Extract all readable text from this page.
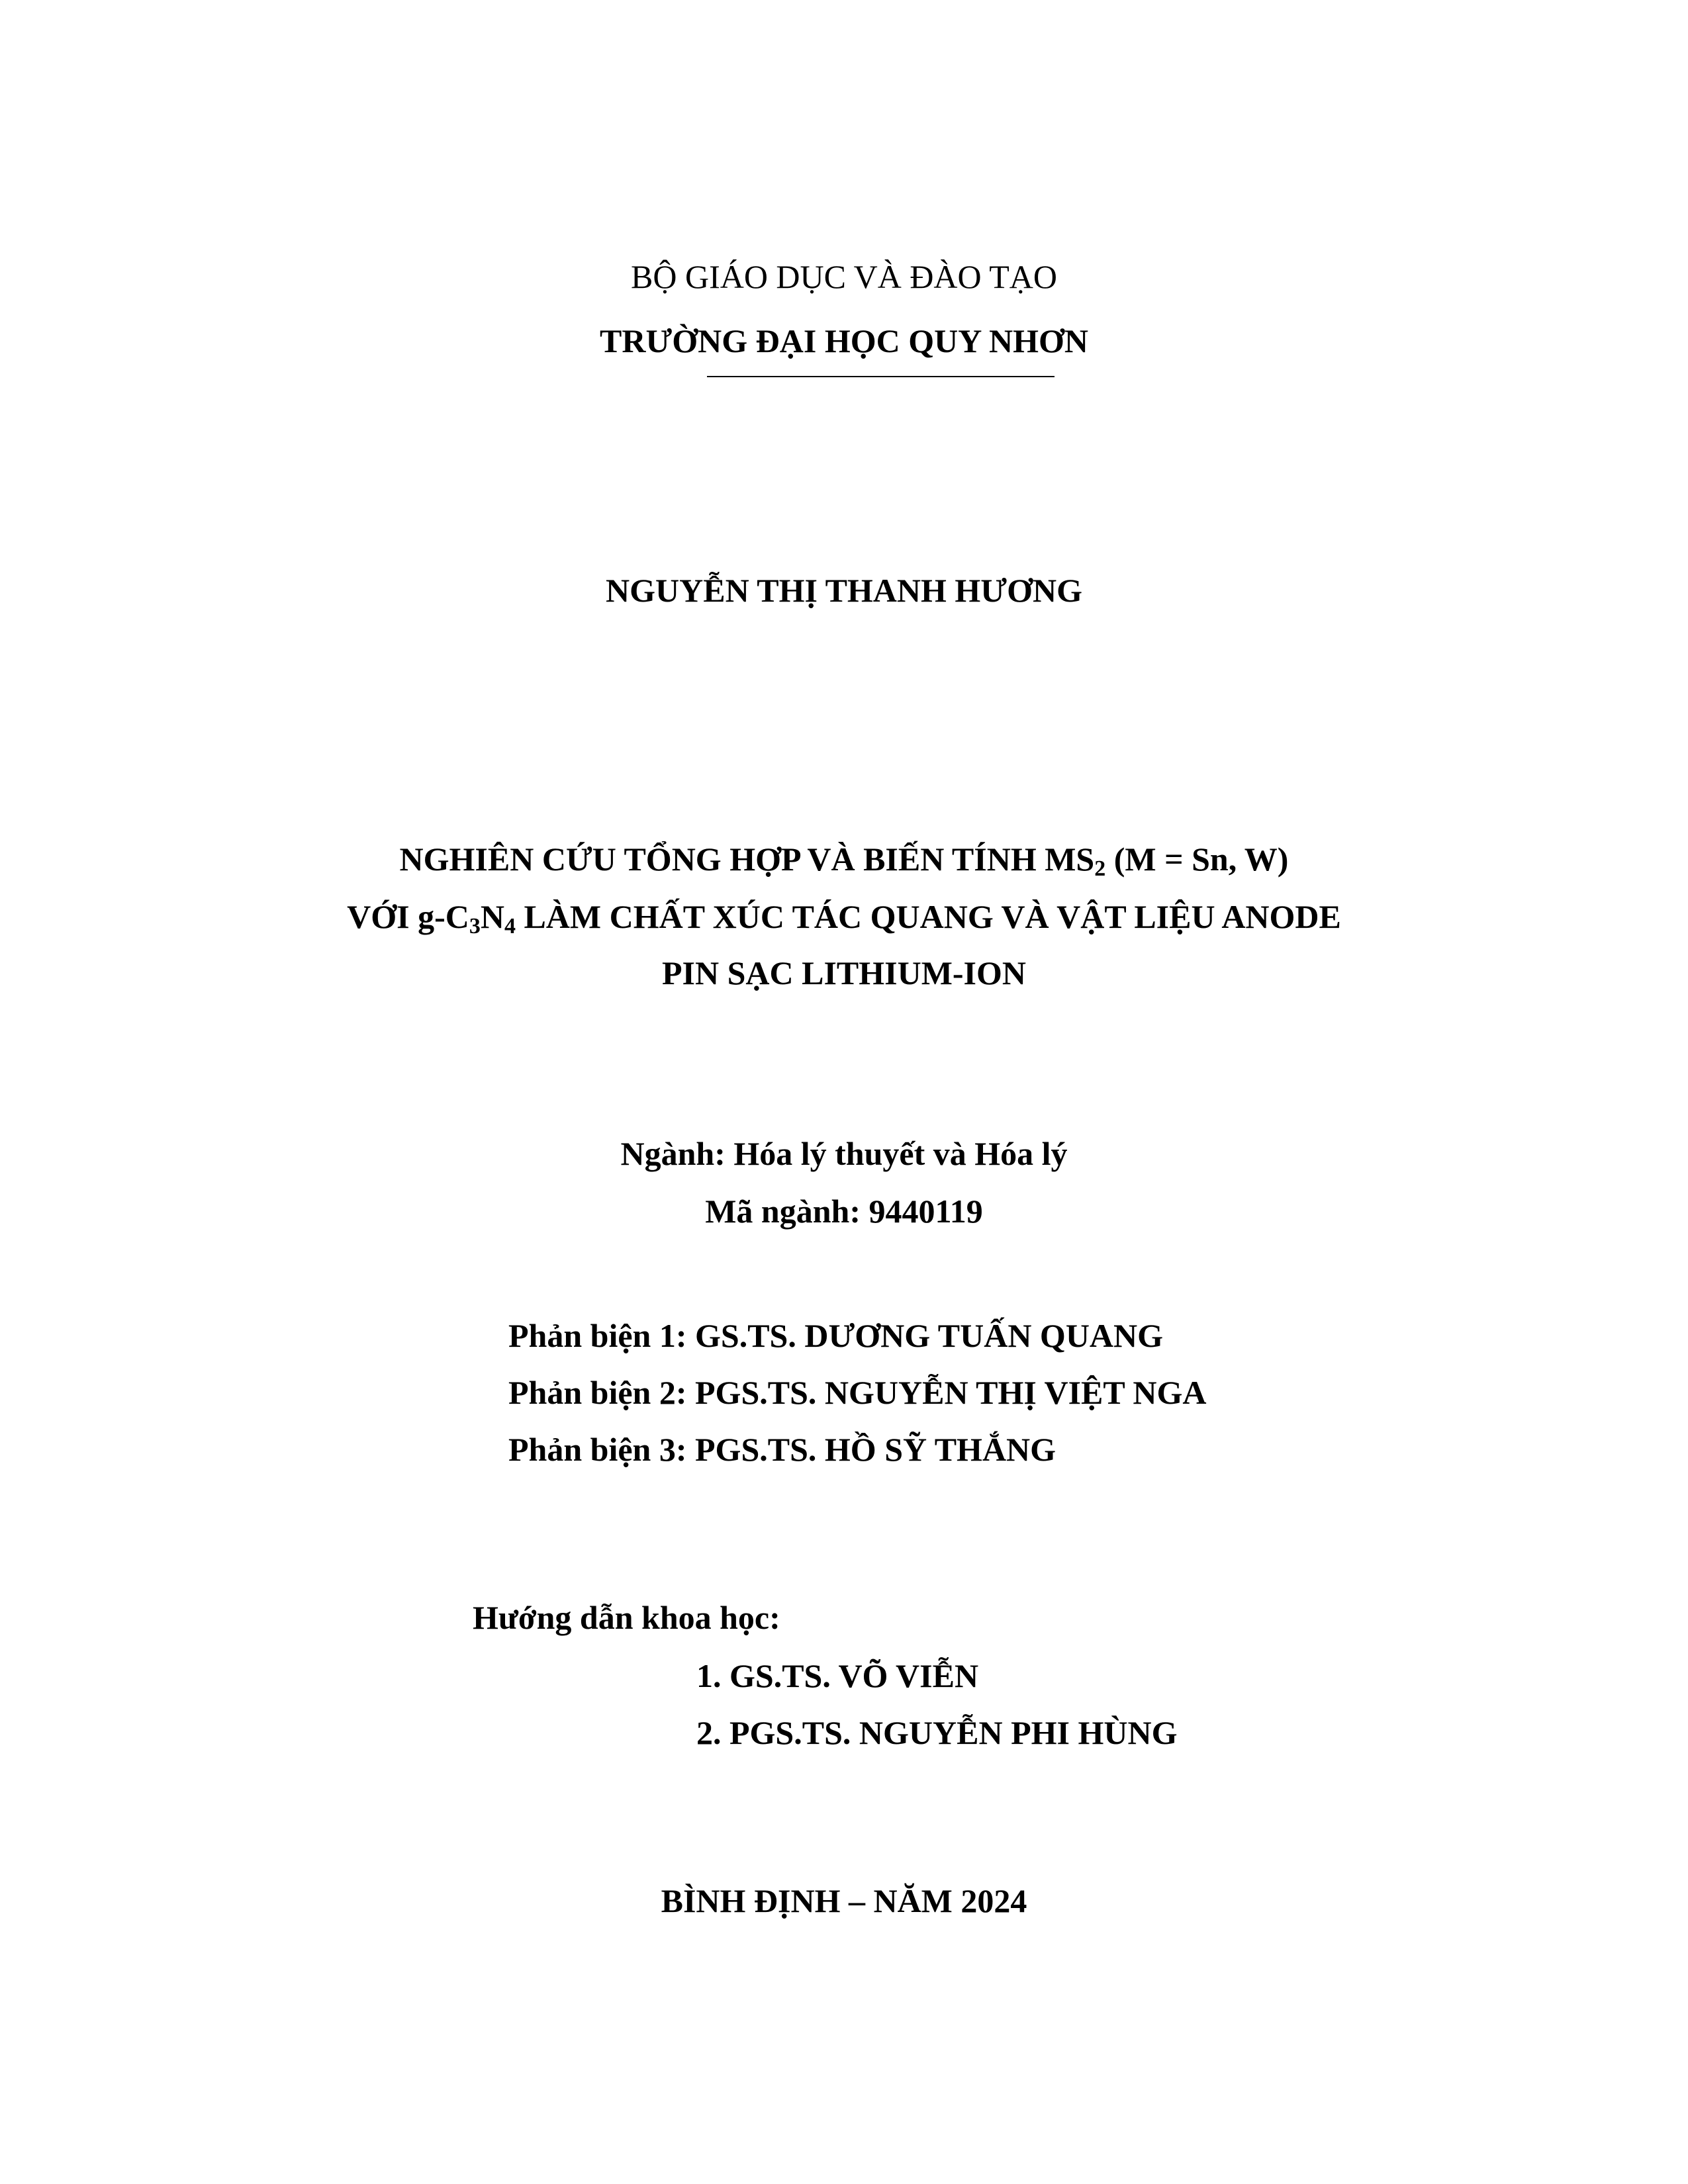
BỘ GIÁO DỤC VÀ ĐÀO TẠO
TRƯỜNG ĐẠI HỌC QUY NHƠN
NGUYỄN THỊ THANH HƯƠNG
NGHIÊN CỨU TỔNG HỢP VÀ BIẾN TÍNH $MS_2$ (M = Sn, W)
VỚI $g-C_3N_4$ LÀM CHẤT XÚC TÁC QUANG VÀ VẬT LIỆU ANODE
PIN SẠC LITHIUM-ION
Ngành: Hóa lý thuyết và Hóa lý
Mã ngành: 9440119
Phản biện 1: GS.TS. DƯƠNG TUẤN QUANG
Phản biện 2: PGS.TS. NGUYỄN THỊ VIỆT NGA
Phản biện 3: PGS.TS. HỒ SỸ THẮNG
Hướng dẫn khoa học:
1. GS.TS. VÕ VIỄN
2. PGS.TS. NGUYỄN PHI HÙNG
BÌNH ĐỊNH – NĂM 2024
